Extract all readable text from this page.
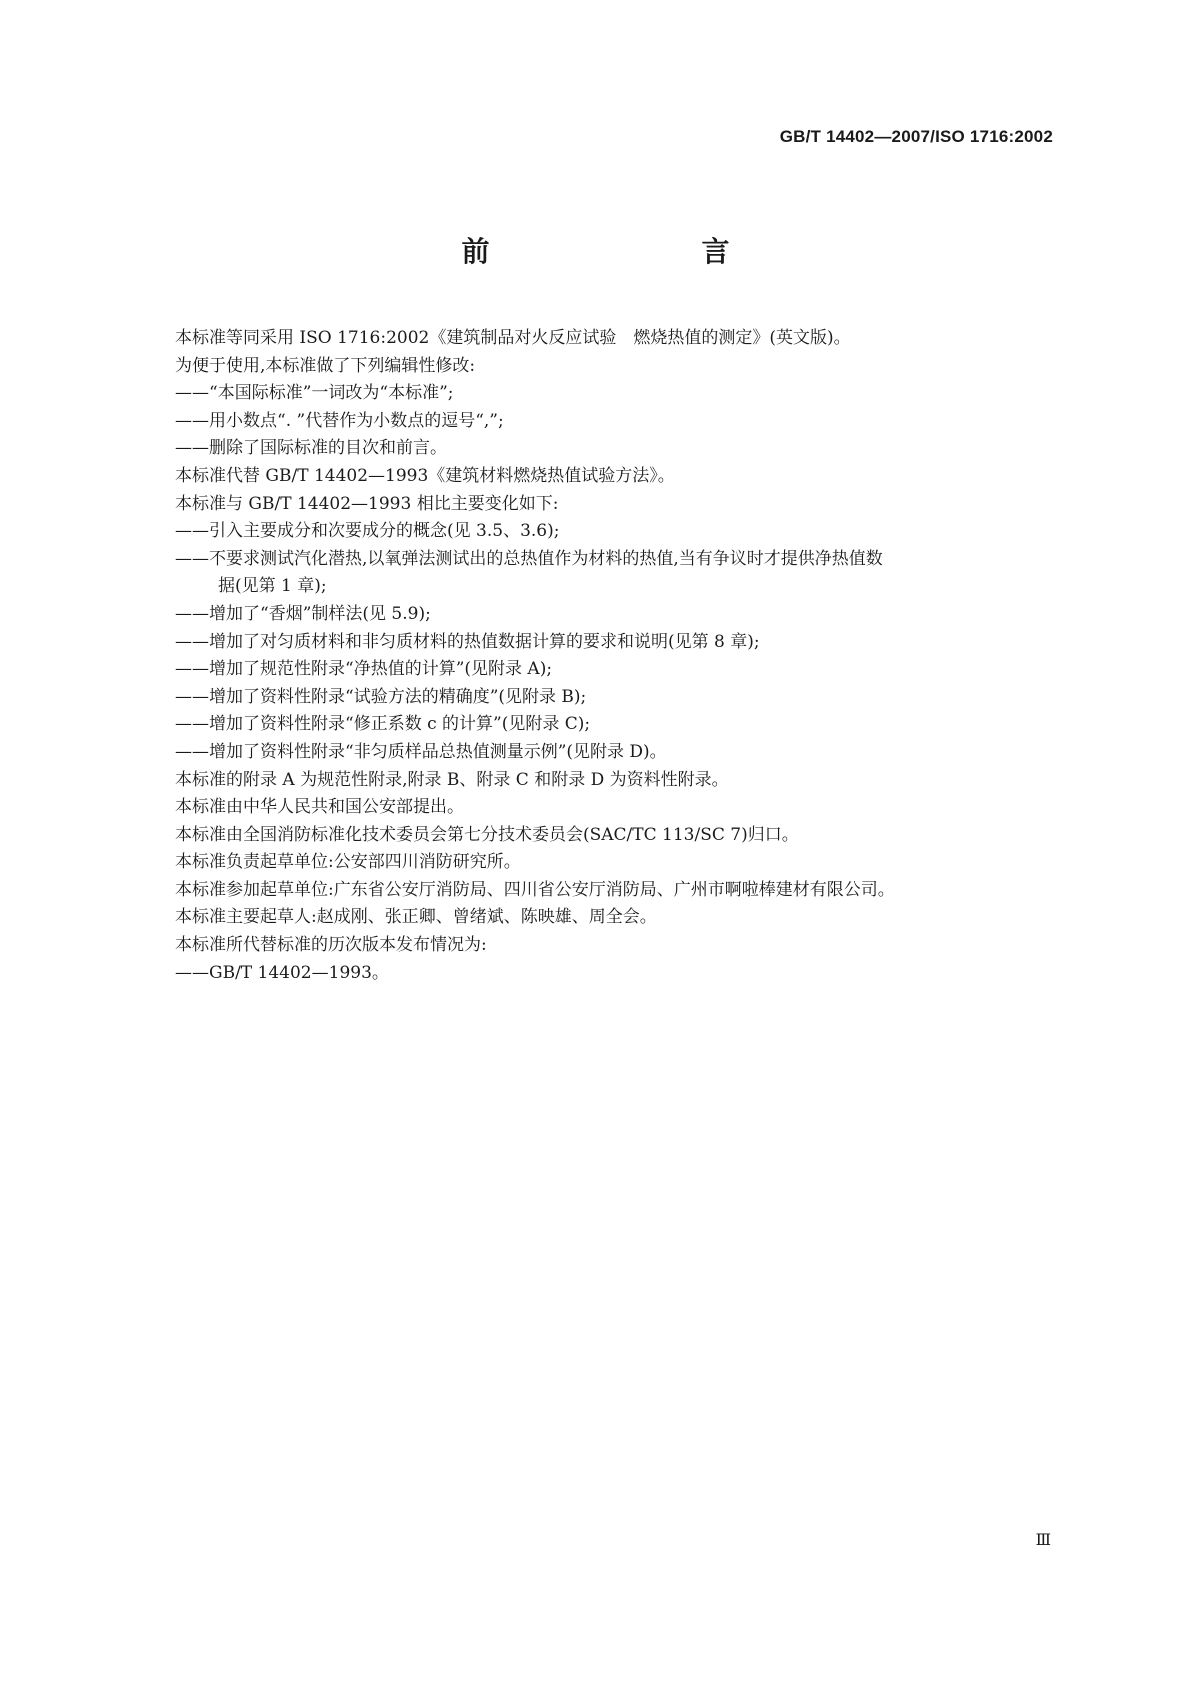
GB/T 14402—2007/ISO 1716:2002
前　　言
本标准等同采用 ISO 1716:2002《建筑制品对火反应试验　燃烧热值的测定》(英文版)。
为便于使用,本标准做了下列编辑性修改:
——“本国际标准”一词改为“本标准”;
——用小数点“. ”代替作为小数点的逗号“,”;
——删除了国际标准的目次和前言。
本标准代替 GB/T 14402—1993《建筑材料燃烧热值试验方法》。
本标准与 GB/T 14402—1993 相比主要变化如下:
——引入主要成分和次要成分的概念(见 3.5、3.6);
——不要求测试汽化潜热,以氧弹法测试出的总热值作为材料的热值,当有争议时才提供净热值数
据(见第 1 章);
——增加了“香烟”制样法(见 5.9);
——增加了对匀质材料和非匀质材料的热值数据计算的要求和说明(见第 8 章);
——增加了规范性附录“净热值的计算”(见附录 A);
——增加了资料性附录“试验方法的精确度”(见附录 B);
——增加了资料性附录“修正系数 c 的计算”(见附录 C);
——增加了资料性附录“非匀质样品总热值测量示例”(见附录 D)。
本标准的附录 A 为规范性附录,附录 B、附录 C 和附录 D 为资料性附录。
本标准由中华人民共和国公安部提出。
本标准由全国消防标准化技术委员会第七分技术委员会(SAC/TC 113/SC 7)归口。
本标准负责起草单位:公安部四川消防研究所。
本标准参加起草单位:广东省公安厅消防局、四川省公安厅消防局、广州市啊啦棒建材有限公司。
本标准主要起草人:赵成刚、张正卿、曾绪斌、陈映雄、周全会。
本标准所代替标准的历次版本发布情况为:
——GB/T 14402—1993。
Ⅲ
